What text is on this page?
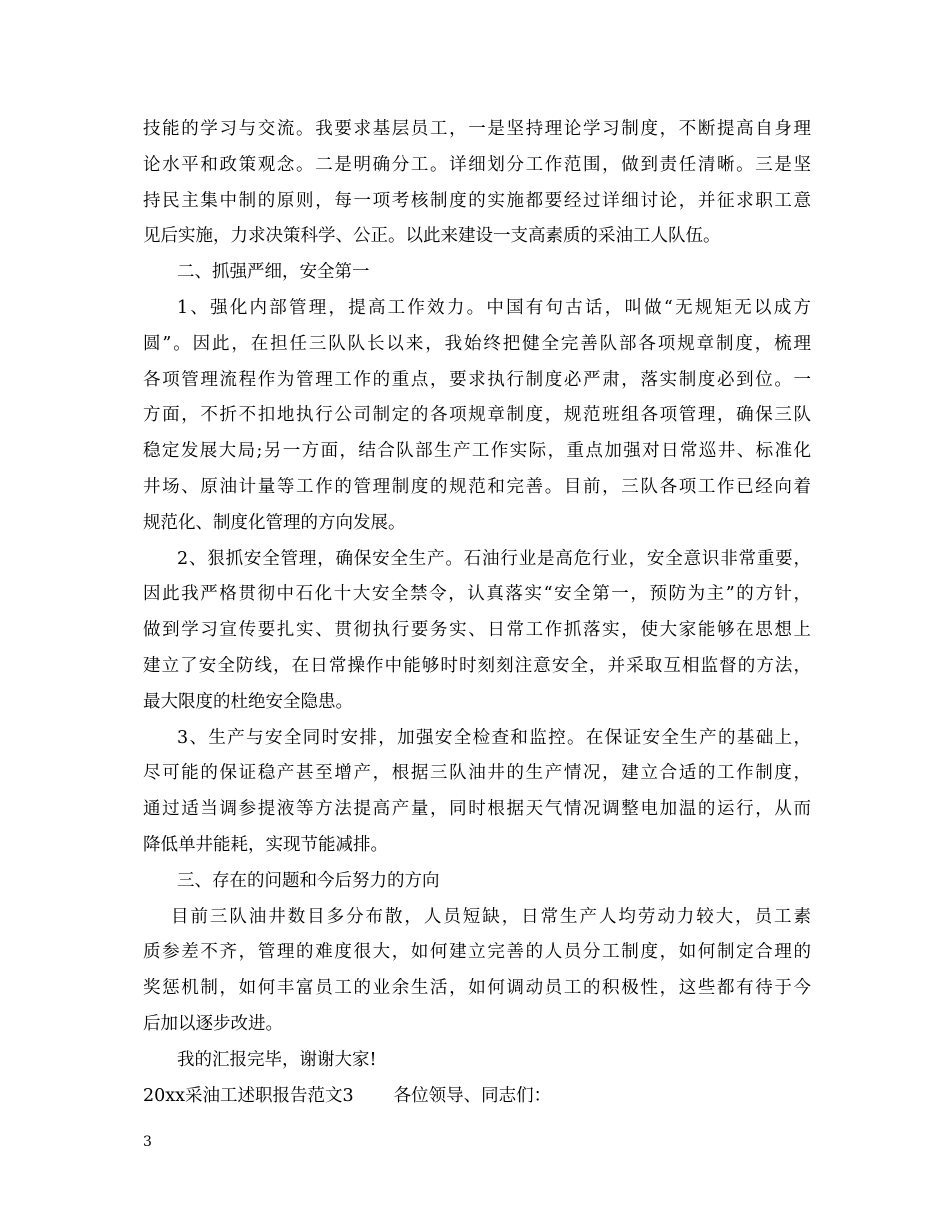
技能的学习与交流。我要求基层员工，一是坚持理论学习制度，不断提高自身理
论水平和政策观念。二是明确分工。详细划分工作范围，做到责任清晰。三是坚
持民主集中制的原则，每一项考核制度的实施都要经过详细讨论，并征求职工意
见后实施，力求决策科学、公正。以此来建设一支高素质的采油工人队伍。
二、抓强严细，安全第一
1、强化内部管理，提高工作效力。中国有句古话，叫做“无规矩无以成方
圆”。因此，在担任三队队长以来，我始终把健全完善队部各项规章制度，梳理
各项管理流程作为管理工作的重点，要求执行制度必严肃，落实制度必到位。一
方面，不折不扣地执行公司制定的各项规章制度，规范班组各项管理，确保三队
稳定发展大局;另一方面，结合队部生产工作实际，重点加强对日常巡井、标准化
井场、原油计量等工作的管理制度的规范和完善。目前，三队各项工作已经向着
规范化、制度化管理的方向发展。
2、狠抓安全管理，确保安全生产。石油行业是高危行业，安全意识非常重要，
因此我严格贯彻中石化十大安全禁令，认真落实“安全第一，预防为主”的方针，
做到学习宣传要扎实、贯彻执行要务实、日常工作抓落实，使大家能够在思想上
建立了安全防线，在日常操作中能够时时刻刻注意安全，并采取互相监督的方法，
最大限度的杜绝安全隐患。
3、生产与安全同时安排，加强安全检查和监控。在保证安全生产的基础上，
尽可能的保证稳产甚至增产，根据三队油井的生产情况，建立合适的工作制度，
通过适当调参提液等方法提高产量，同时根据天气情况调整电加温的运行，从而
降低单井能耗，实现节能减排。
三、存在的问题和今后努力的方向
目前三队油井数目多分布散，人员短缺，日常生产人均劳动力较大，员工素
质参差不齐，管理的难度很大，如何建立完善的人员分工制度，如何制定合理的
奖惩机制，如何丰富员工的业余生活，如何调动员工的积极性，这些都有待于今
后加以逐步改进。
我的汇报完毕，谢谢大家!
20xx采油工述职报告范文3 各位领导、同志们：
3
